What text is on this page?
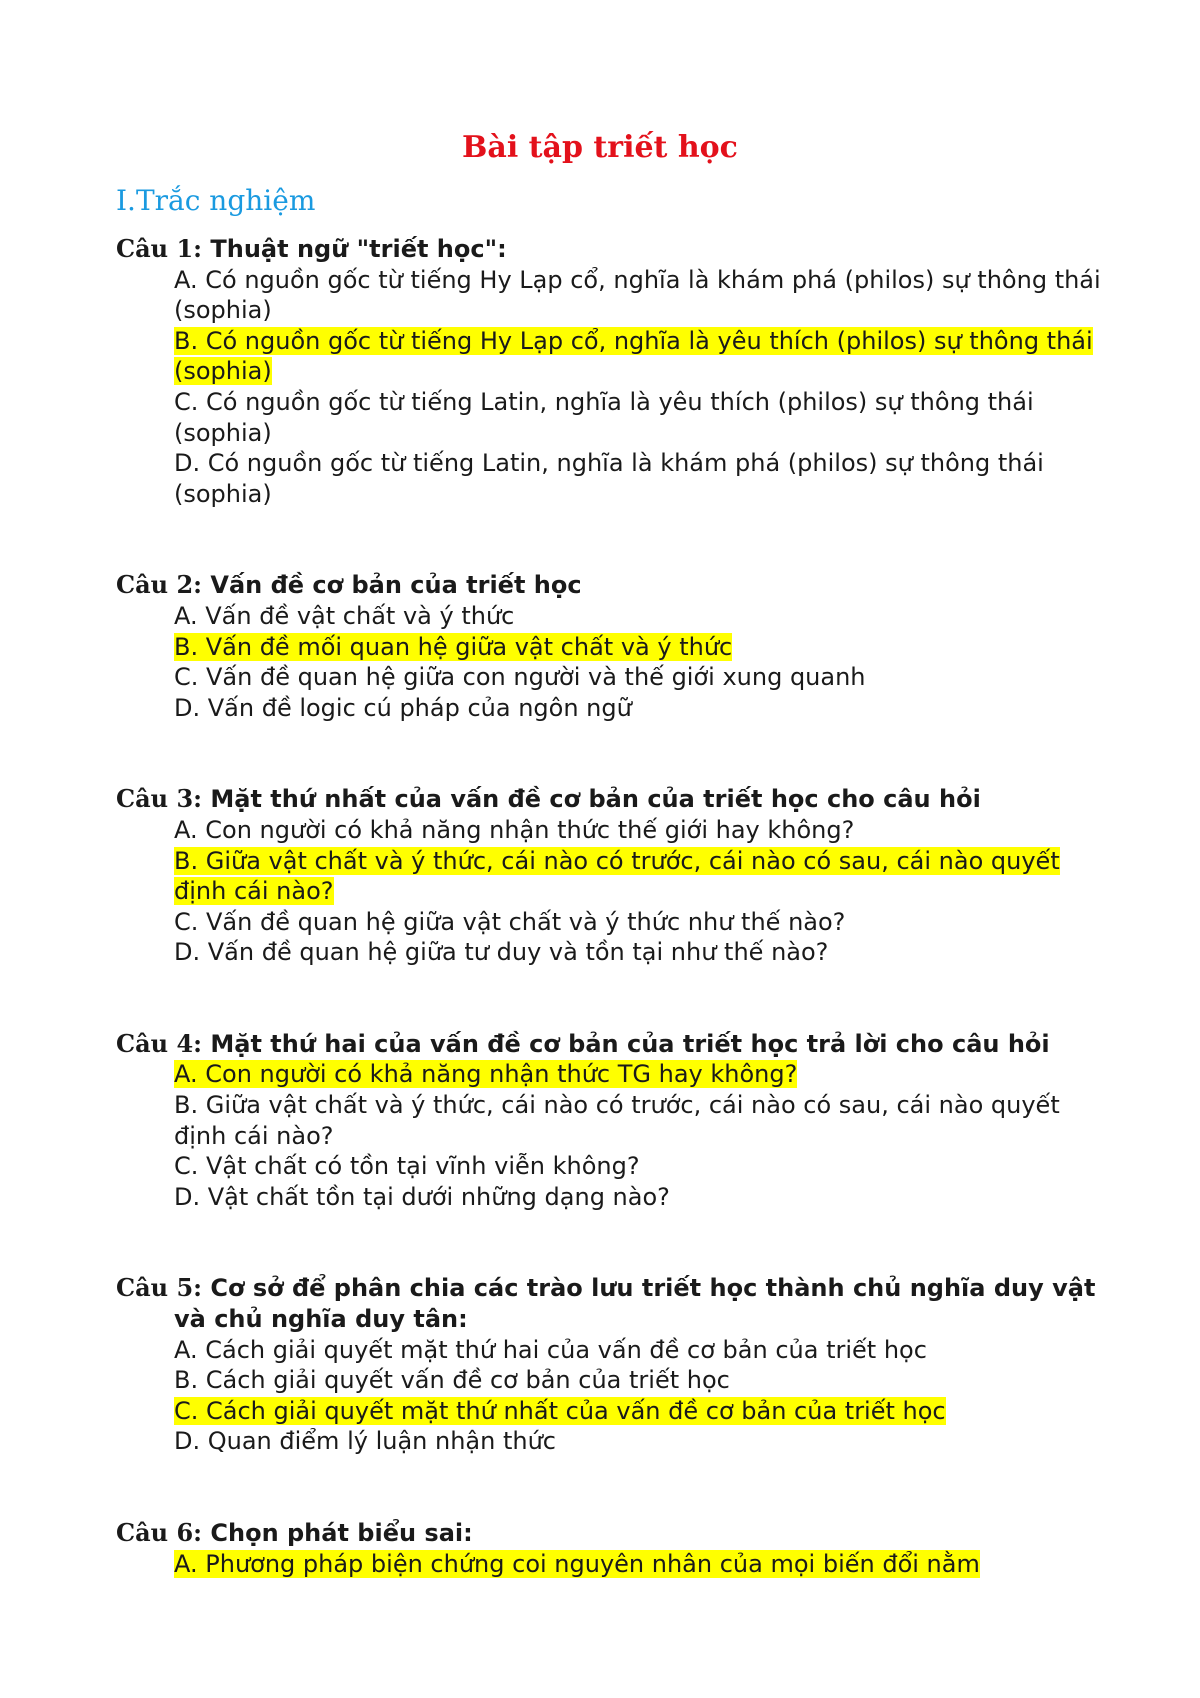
Bài tập triết học
I.Trắc nghiệm
Câu 1: Thuật ngữ "triết học":
A. Có nguồn gốc từ tiếng Hy Lạp cổ, nghĩa là khám phá (philos) sự thông thái (sophia)
B. Có nguồn gốc từ tiếng Hy Lạp cổ, nghĩa là yêu thích (philos) sự thông thái (sophia)
C. Có nguồn gốc từ tiếng Latin, nghĩa là yêu thích (philos) sự thông thái (sophia)
D. Có nguồn gốc từ tiếng Latin, nghĩa là khám phá (philos) sự thông thái (sophia)
Câu 2: Vấn đề cơ bản của triết học
A. Vấn đề vật chất và ý thức
B. Vấn đề mối quan hệ giữa vật chất và ý thức
C. Vấn đề quan hệ giữa con người và thế giới xung quanh
D. Vấn đề logic cú pháp của ngôn ngữ
Câu 3: Mặt thứ nhất của vấn đề cơ bản của triết học cho câu hỏi
A. Con người có khả năng nhận thức thế giới hay không?
B. Giữa vật chất và ý thức, cái nào có trước, cái nào có sau, cái nào quyết định cái nào?
C. Vấn đề quan hệ giữa vật chất và ý thức như thế nào?
D. Vấn đề quan hệ giữa tư duy và tồn tại như thế nào?
Câu 4: Mặt thứ hai của vấn đề cơ bản của triết học trả lời cho câu hỏi
A. Con người có khả năng nhận thức TG hay không?
B. Giữa vật chất và ý thức, cái nào có trước, cái nào có sau, cái nào quyết định cái nào?
C. Vật chất có tồn tại vĩnh viễn không?
D. Vật chất tồn tại dưới những dạng nào?
Câu 5: Cơ sở để phân chia các trào lưu triết học thành chủ nghĩa duy vật và chủ nghĩa duy tân:
A. Cách giải quyết mặt thứ hai của vấn đề cơ bản của triết học
B. Cách giải quyết vấn đề cơ bản của triết học
C. Cách giải quyết mặt thứ nhất của vấn đề cơ bản của triết học
D. Quan điểm lý luận nhận thức
Câu 6: Chọn phát biểu sai:
A. Phương pháp biện chứng coi nguyên nhân của mọi biến đổi nằm
